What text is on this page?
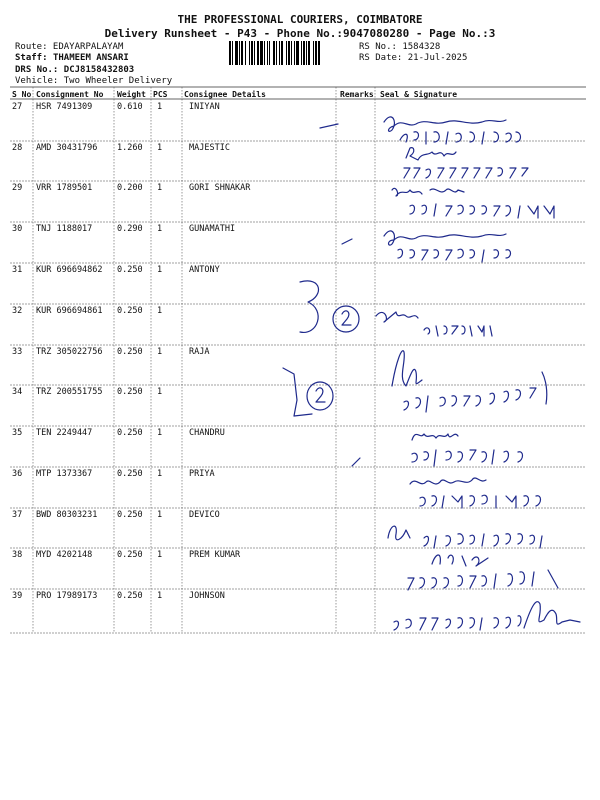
THE PROFESSIONAL COURIERS, COIMBATORE
Delivery Runsheet - P43 - Phone No.:9047080280 - Page No.:3
Route: EDAYARPALAYAM
Staff: THAMEEM ANSARI
DRS No.: DCJ8158432803
Vehicle: Two Wheeler Delivery
RS No.: 1584328
RS Date: 21-Jul-2025
S No Consignment No Weight PCS Consignee Details	Remarks Seal & Signature
27 HSR 7491309	0.610 1	INIYAN
28 AMD 30431796 1.260 1	MAJESTIC
29 VRR 1789501	0.200 1	GORI SHNAKAR
30 TNJ 1188017	0.290 1	GUNAMATHI
31 KUR 696694862 0.250 1	ANTONY
32 KUR 696694861 0.250 1
33 TRZ 305022756 0.250 1	RAJA
34 TRZ 200551755 0.250 1
35 TEN 2249447	0.250 1	CHANDRU
36 MTP 1373367	0.250 1	PRIYA
37 BWD 80303231 0.250 1	DEVICO
38 MYD 4202148	0.250 1	PREM KUMAR
39 PRO 17989173 0.250 1	JOHNSON
